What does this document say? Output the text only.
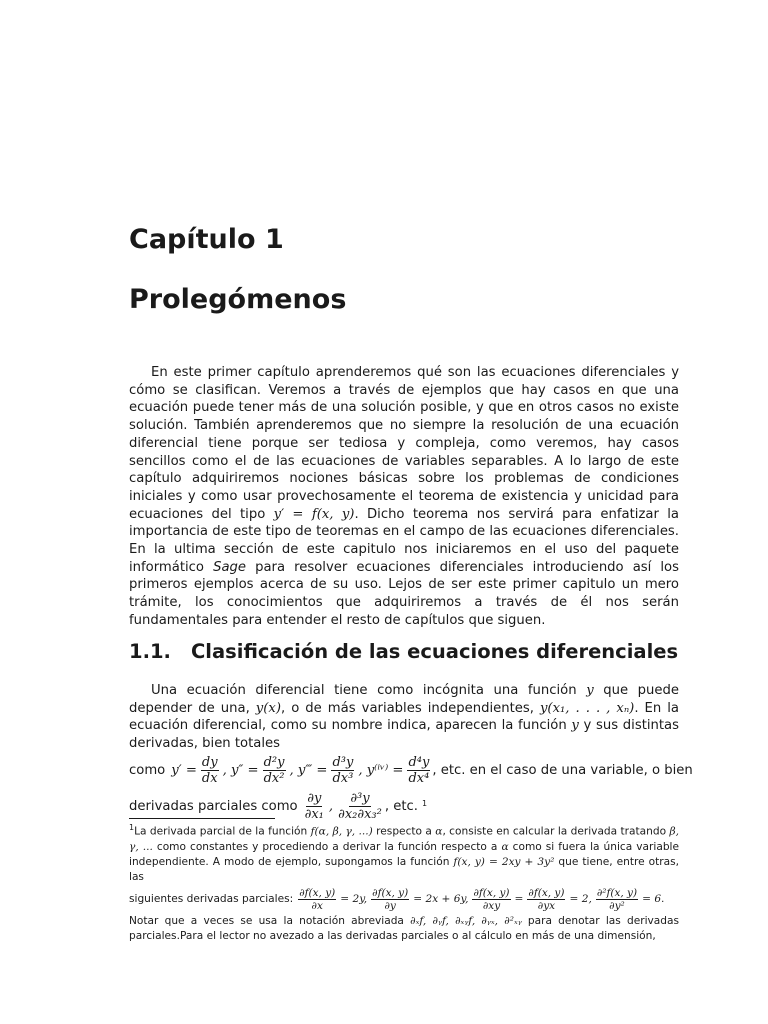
Capítulo 1
Prolegómenos

En este primer capítulo aprenderemos qué son las ecuaciones diferenciales y cómo se clasifican. Veremos a través de ejemplos que hay casos en que una ecuación puede tener más de una solución posible, y que en otros casos no existe solución. También aprenderemos que no siempre la resolución de una ecuación diferencial tiene porque ser tediosa y compleja, como veremos, hay casos sencillos como el de las ecuaciones de variables separables. A lo largo de este capítulo adquiriremos nociones básicas sobre los problemas de condiciones iniciales y como usar provechosamente el teorema de existencia y unicidad para ecuaciones del tipo y′ = f(x, y). Dicho teorema nos servirá para enfatizar la importancia de este tipo de teoremas en el campo de las ecuaciones diferenciales. En la ultima sección de este capitulo nos iniciaremos en el uso del paquete informático Sage para resolver ecuaciones diferenciales introduciendo así los primeros ejemplos acerca de su uso. Lejos de ser este primer capitulo un mero trámite, los conocimientos que adquiriremos a través de él nos serán fundamentales para entender el resto de capítulos que siguen.

1.1. Clasificación de las ecuaciones diferenciales

Una ecuación diferencial tiene como incógnita una función y que puede depender de una, y(x), o de más variables independientes, y(x₁, . . . , xₙ). En la ecuación diferencial, como su nombre indica, aparecen la función y y sus distintas derivadas, bien totales

como $y' = \frac{dy}{dx}$ , $y'' = \frac{\text{d²y}}{\text{dx²}}$ , y‴ = $\frac{\text{d³y}}{\text{dx³}}$ , y⁽ⁱᵛ⁾ = $\frac{\text{d⁴y}}{\text{dx⁴}}$ , etc. en el caso de una variable, o bien
derivadas parciales como $\frac{\partial y}{\text{∂x₁}}$ , $\frac{\text{∂³y}}{\text{∂x₂∂x₃²}}$ , etc. $^1$

$^1$La derivada parcial de la función f(α, β, γ, ...) respecto a α, consiste en calcular la derivada tratando β, γ, ... como constantes y procediendo a derivar la función respecto a α como si fuera la única variable independiente. A modo de ejemplo, supongamos la función f(x, y) = 2xy + 3y² que tiene, entre otras, las

siguientes derivadas parciales: $\frac{\partial f(x, y)}{\partial x} = 2y$, $\frac{\partial f(x, y)}{\partial y} = 2x + 6y$, $\frac{\partial f(x, y)}{\partial xy} = \frac{\partial f(x, y)}{\partial yx} = 2$, $\frac{\text{∂²f(x, y)}}{\text{∂y²}} = 6$.

Notar que a veces se usa la notación abreviada ∂ₓf, ∂ᵧf, ∂ₓᵧf, ∂ᵧₓ, ∂²ₓᵧ para denotar las derivadas parciales.Para el lector no avezado a las derivadas parciales o al cálculo en más de una dimensión,
